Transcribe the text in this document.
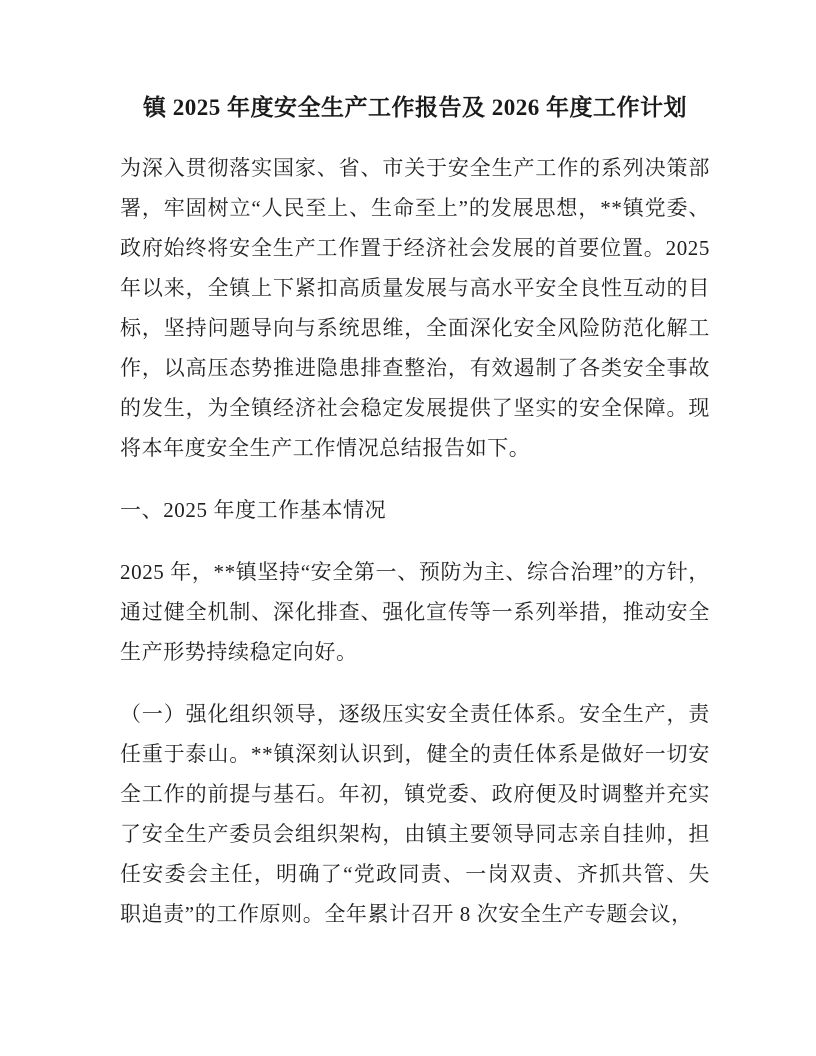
镇 2025 年度安全生产工作报告及 2026 年度工作计划

为深入贯彻落实国家、省、市关于安全生产工作的系列决策部署，牢固树立“人民至上、生命至上”的发展思想，**镇党委、政府始终将安全生产工作置于经济社会发展的首要位置。2025 年以来，全镇上下紧扣高质量发展与高水平安全良性互动的目标，坚持问题导向与系统思维，全面深化安全风险防范化解工作，以高压态势推进隐患排查整治，有效遏制了各类安全事故的发生，为全镇经济社会稳定发展提供了坚实的安全保障。现将本年度安全生产工作情况总结报告如下。

一、2025 年度工作基本情况

2025 年，**镇坚持“安全第一、预防为主、综合治理”的方针，通过健全机制、深化排查、强化宣传等一系列举措，推动安全生产形势持续稳定向好。

（一）强化组织领导，逐级压实安全责任体系。安全生产，责任重于泰山。**镇深刻认识到，健全的责任体系是做好一切安全工作的前提与基石。年初，镇党委、政府便及时调整并充实了安全生产委员会组织架构，由镇主要领导同志亲自挂帅，担任安委会主任，明确了“党政同责、一岗双责、齐抓共管、失职追责”的工作原则。全年累计召开 8 次安全生产专题会议，
